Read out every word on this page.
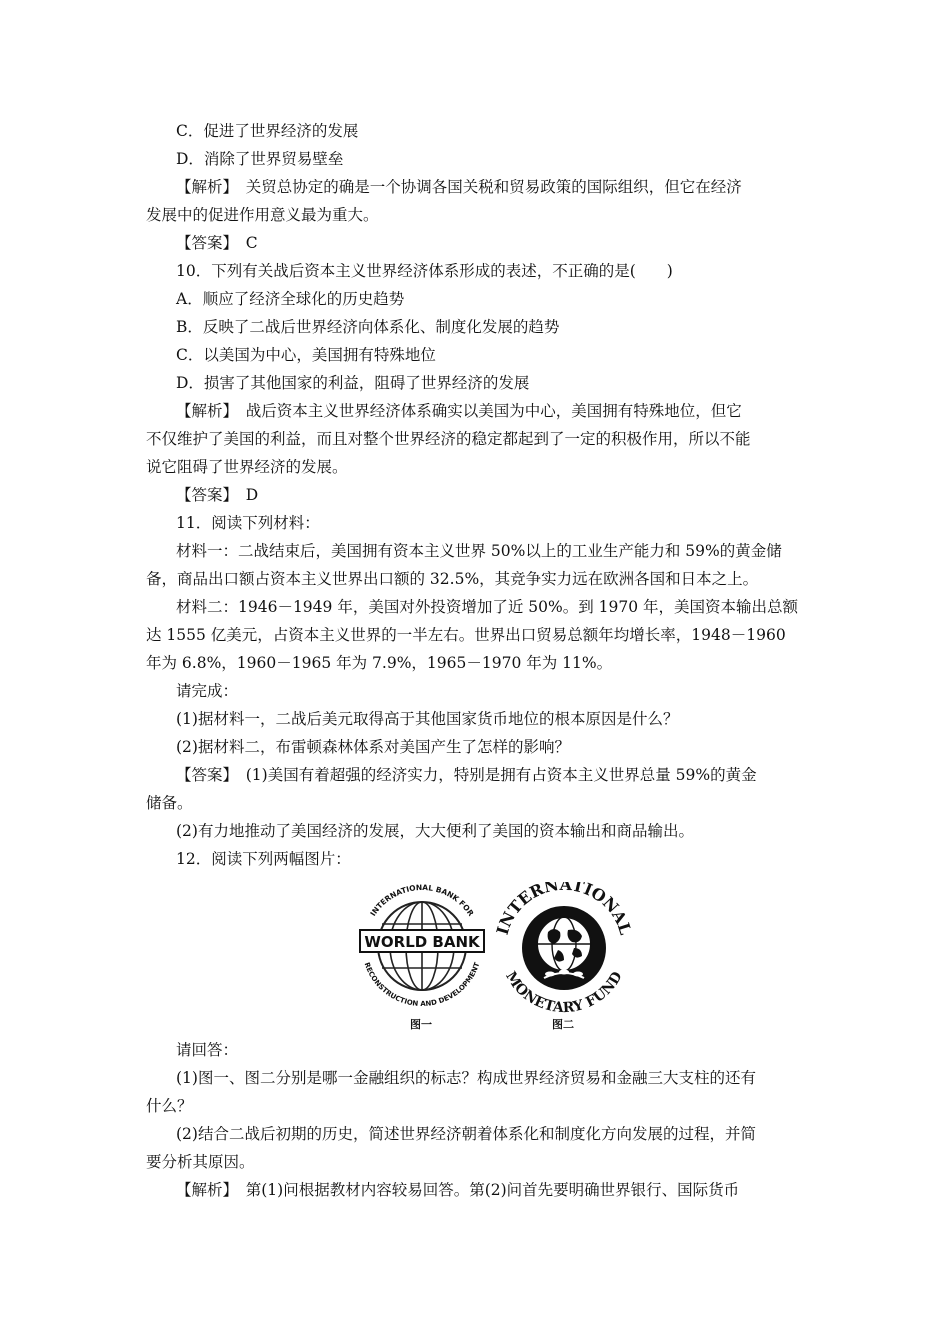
C．促进了世界经济的发展
D．消除了世界贸易壁垒
【解析】　关贸总协定的确是一个协调各国关税和贸易政策的国际组织，但它在经济
发展中的促进作用意义最为重大。
【答案】　C
10．下列有关战后资本主义世界经济体系形成的表述，不正确的是(　　)
A．顺应了经济全球化的历史趋势
B．反映了二战后世界经济向体系化、制度化发展的趋势
C．以美国为中心，美国拥有特殊地位
D．损害了其他国家的利益，阻碍了世界经济的发展
【解析】　战后资本主义世界经济体系确实以美国为中心，美国拥有特殊地位，但它
不仅维护了美国的利益，而且对整个世界经济的稳定都起到了一定的积极作用，所以不能
说它阻碍了世界经济的发展。
【答案】　D
11．阅读下列材料：
材料一：二战结束后，美国拥有资本主义世界 50%以上的工业生产能力和 59%的黄金储
备，商品出口额占资本主义世界出口额的 32.5%，其竞争实力远在欧洲各国和日本之上。
材料二：1946－1949 年，美国对外投资增加了近 50%。到 1970 年，美国资本输出总额
达 1555 亿美元，占资本主义世界的一半左右。世界出口贸易总额年均增长率，1948－1960
年为 6.8%，1960－1965 年为 7.9%，1965－1970 年为 11%。
请完成：
(1)据材料一，二战后美元取得高于其他国家货币地位的根本原因是什么？
(2)据材料二，布雷顿森林体系对美国产生了怎样的影响？
【答案】　(1)美国有着超强的经济实力，特别是拥有占资本主义世界总量 59%的黄金
储备。
(2)有力地推动了美国经济的发展，大大便利了美国的资本输出和商品输出。
12．阅读下列两幅图片：
WORLD BANK
INTERNATIONAL BANK FOR
RECONSTRUCTION AND DEVELOPMENT
INTERNATIONAL
MONETARY FUND
图一	图二
请回答：
(1)图一、图二分别是哪一金融组织的标志？构成世界经济贸易和金融三大支柱的还有
什么？
(2)结合二战后初期的历史，简述世界经济朝着体系化和制度化方向发展的过程，并简
要分析其原因。
【解析】　第(1)问根据教材内容较易回答。第(2)问首先要明确世界银行、国际货币
